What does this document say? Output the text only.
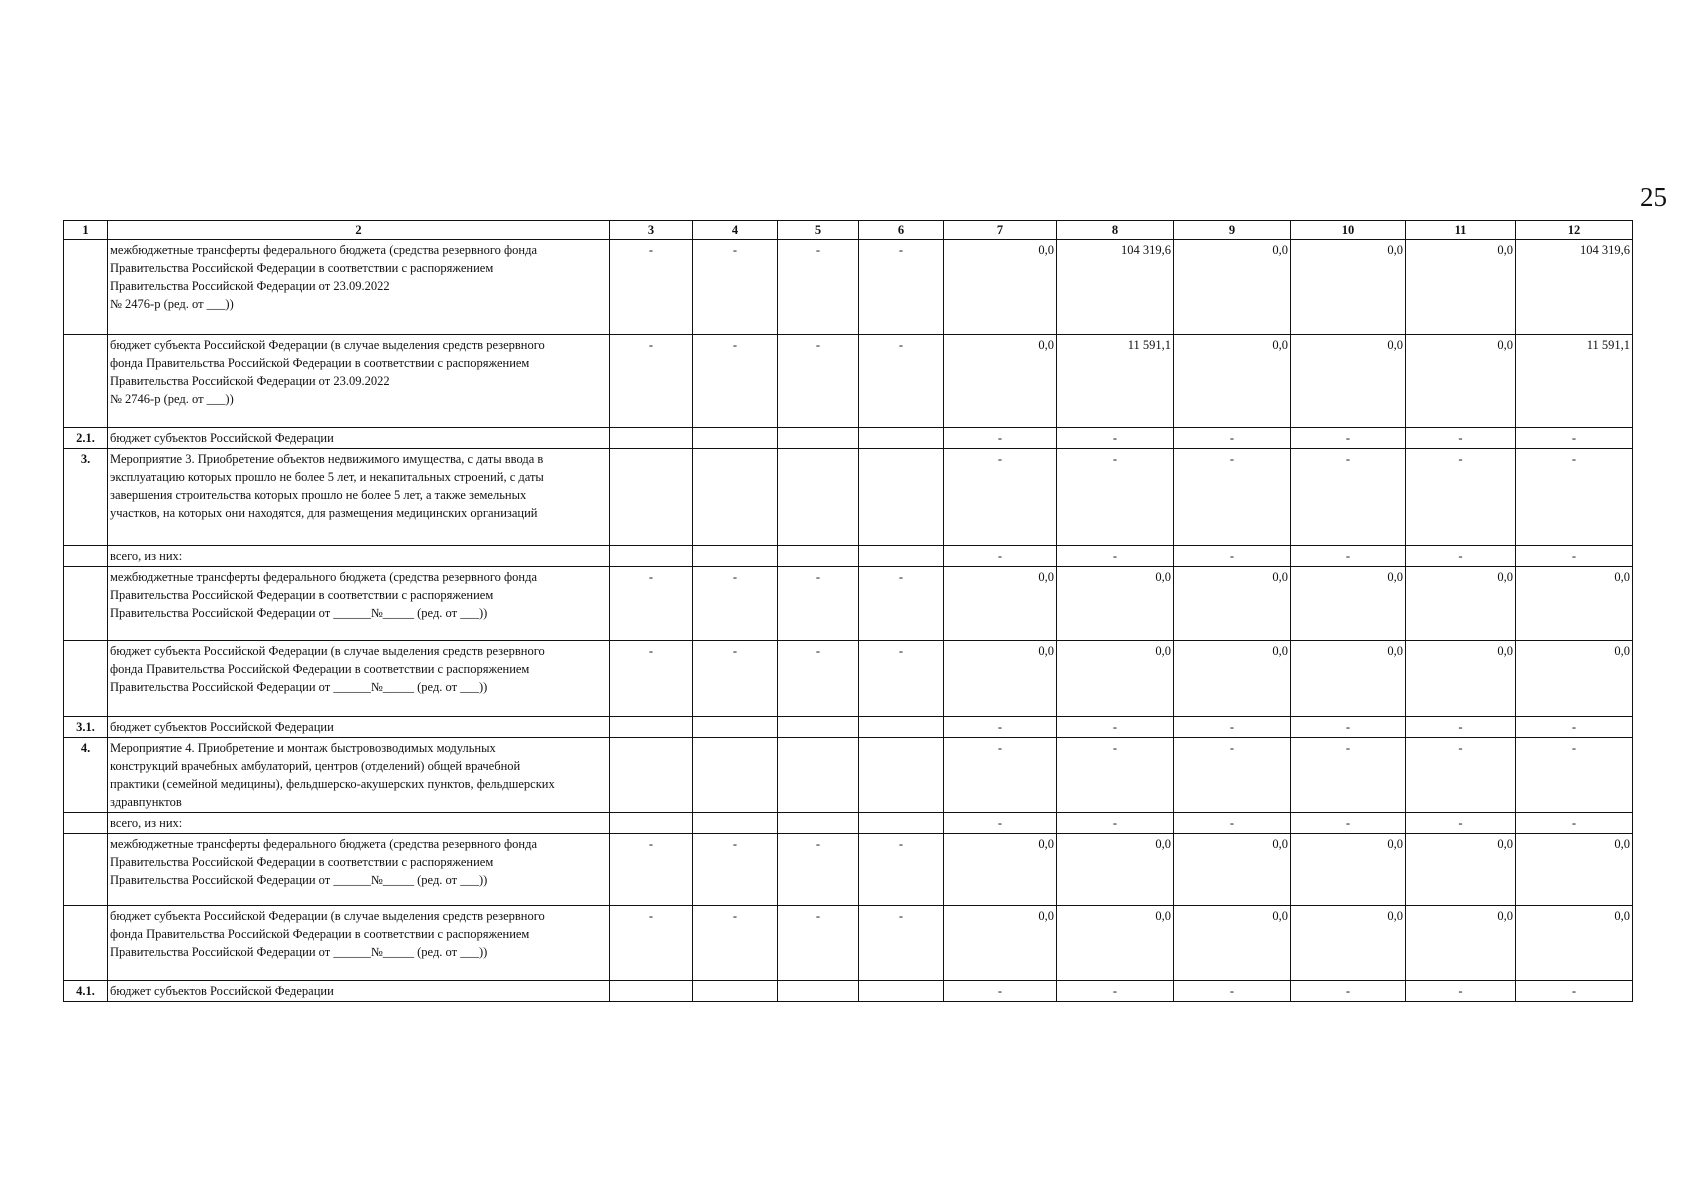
25
1	2	3	4	5	6	7	8	9	10	11	12
	межбюджетные трансферты федерального бюджета (средства резервного фонда
Правительства Российской Федерации в соответствии с распоряжением
Правительства Российской Федерации от 23.09.2022
№ 2476-р (ред. от ___))	-	-	-	-	0,0	104 319,6	0,0	0,0	0,0	104 319,6
	бюджет субъекта Российской Федерации (в случае выделения средств резервного
фонда Правительства Российской Федерации в соответствии с распоряжением
Правительства Российской Федерации от 23.09.2022
№ 2746-р (ред. от ___))	-	-	-	-	0,0	11 591,1	0,0	0,0	0,0	11 591,1
2.1.	бюджет субъектов Российской Федерации					-	-	-	-	-	-
3.	Мероприятие 3. Приобретение объектов недвижимого имущества, с даты ввода в
эксплуатацию которых прошло не более 5 лет, и некапитальных строений, с даты
завершения строительства которых прошло не более 5 лет, а также земельных
участков, на которых они находятся, для размещения медицинских организаций					-	-	-	-	-	-
	всего, из них:					-	-	-	-	-	-
	межбюджетные трансферты федерального бюджета (средства резервного фонда
Правительства Российской Федерации в соответствии с распоряжением
Правительства Российской Федерации от ______№_____ (ред. от ___))	-	-	-	-	0,0	0,0	0,0	0,0	0,0	0,0
	бюджет субъекта Российской Федерации (в случае выделения средств резервного
фонда Правительства Российской Федерации в соответствии с распоряжением
Правительства Российской Федерации от ______№_____ (ред. от ___))	-	-	-	-	0,0	0,0	0,0	0,0	0,0	0,0
3.1.	бюджет субъектов Российской Федерации					-	-	-	-	-	-
4.	Мероприятие 4. Приобретение и монтаж быстровозводимых модульных
конструкций врачебных амбулаторий, центров (отделений) общей врачебной
практики (семейной медицины), фельдшерско-акушерских пунктов, фельдшерских
здравпунктов					-	-	-	-	-	-
	всего, из них:					-	-	-	-	-	-
	межбюджетные трансферты федерального бюджета (средства резервного фонда
Правительства Российской Федерации в соответствии с распоряжением
Правительства Российской Федерации от ______№_____ (ред. от ___))	-	-	-	-	0,0	0,0	0,0	0,0	0,0	0,0
	бюджет субъекта Российской Федерации (в случае выделения средств резервного
фонда Правительства Российской Федерации в соответствии с распоряжением
Правительства Российской Федерации от ______№_____ (ред. от ___))	-	-	-	-	0,0	0,0	0,0	0,0	0,0	0,0
4.1.	бюджет субъектов Российской Федерации					-	-	-	-	-	-
